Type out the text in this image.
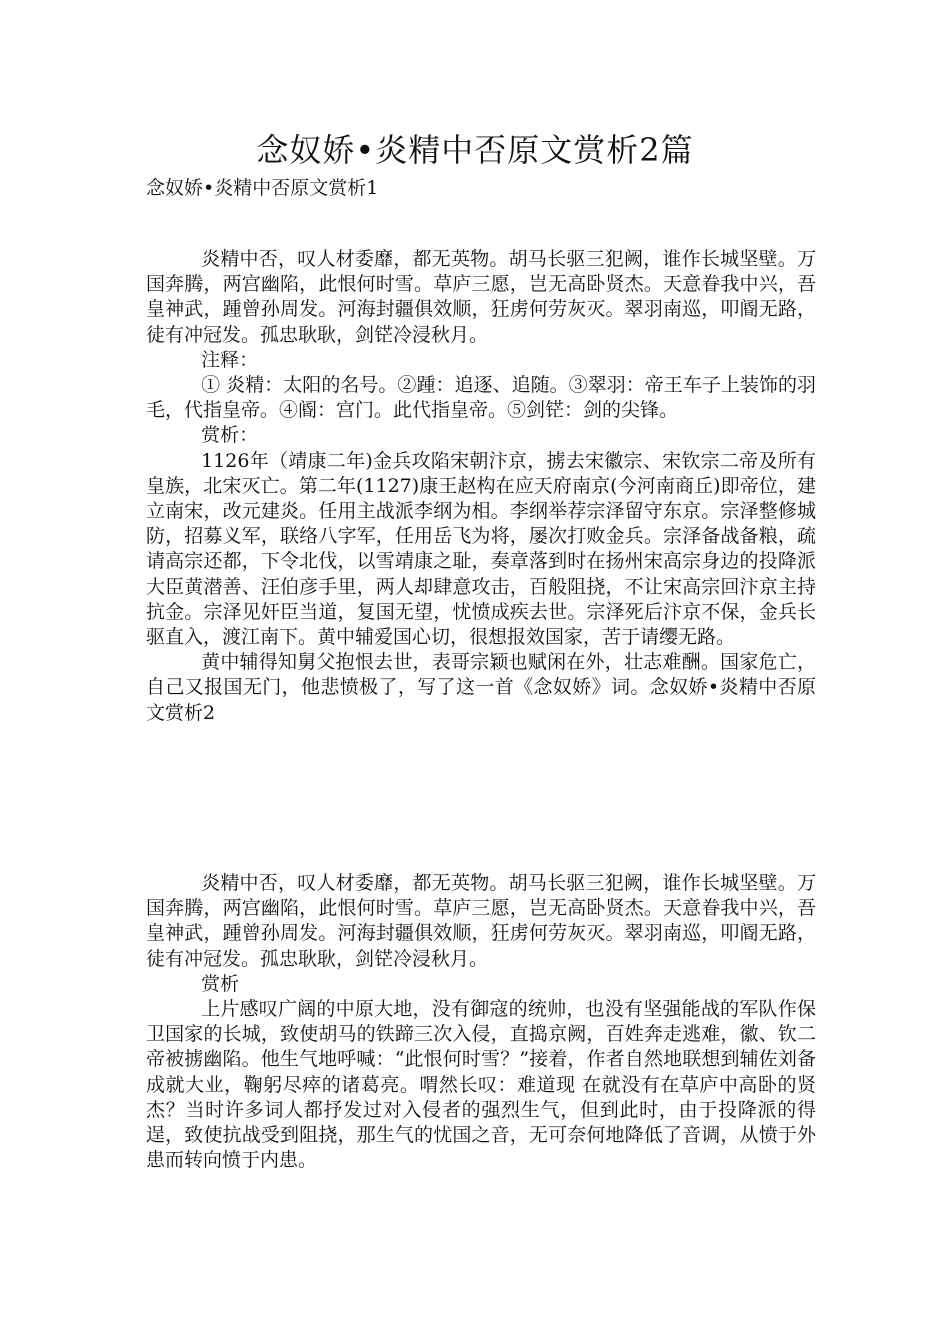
念奴娇•炎精中否原文赏析2篇
念奴娇•炎精中否原文赏析1

炎精中否，叹人材委靡，都无英物。胡马长驱三犯阙，谁作长城坚壁。万国奔腾，两宫幽陷，此恨何时雪。草庐三愿，岂无高卧贤杰。天意眷我中兴，吾皇神武，踵曾孙周发。河海封疆俱效顺，狂虏何劳灰灭。翠羽南巡，叩阍无路，徒有冲冠发。孤忠耿耿，剑铓冷浸秋月。

注释：

① 炎精：太阳的名号。②踵：追逐、追随。③翠羽：帝王车子上装饰的羽毛，代指皇帝。④阍：宫门。此代指皇帝。⑤剑铓：剑的尖锋。

赏析：

1126年（靖康二年)金兵攻陷宋朝汴京，掳去宋徽宗、宋钦宗二帝及所有皇族，北宋灭亡。第二年(1127)康王赵构在应天府南京(今河南商丘)即帝位，建立南宋，改元建炎。任用主战派李纲为相。李纲举荐宗泽留守东京。宗泽整修城防，招募义军，联络八字军，任用岳飞为将，屡次打败金兵。宗泽备战备粮，疏请高宗还都，下令北伐，以雪靖康之耻，奏章落到时在扬州宋高宗身边的投降派大臣黄潜善、汪伯彦手里，两人却肆意攻击，百般阻挠，不让宋高宗回汴京主持抗金。宗泽见奸臣当道，复国无望，忧愤成疾去世。宗泽死后汴京不保，金兵长驱直入，渡江南下。黄中辅爱国心切，很想报效国家，苦于请缨无路。

黄中辅得知舅父抱恨去世，表哥宗颖也赋闲在外，壮志难酬。国家危亡，自己又报国无门，他悲愤极了，写了这一首《念奴娇》词。念奴娇•炎精中否原文赏析2

炎精中否，叹人材委靡，都无英物。胡马长驱三犯阙，谁作长城坚壁。万国奔腾，两宫幽陷，此恨何时雪。草庐三愿，岂无高卧贤杰。天意眷我中兴，吾皇神武，踵曾孙周发。河海封疆俱效顺，狂虏何劳灰灭。翠羽南巡，叩阍无路，徒有冲冠发。孤忠耿耿，剑铓冷浸秋月。

赏析

上片感叹广阔的中原大地，没有御寇的统帅，也没有坚强能战的军队作保卫国家的长城，致使胡马的铁蹄三次入侵，直捣京阙，百姓奔走逃难，徽、钦二帝被掳幽陷。他生气地呼喊：“此恨何时雪？”接着，作者自然地联想到辅佐刘备成就大业，鞠躬尽瘁的诸葛亮。喟然长叹：难道现 在就没有在草庐中高卧的贤杰？当时许多词人都抒发过对入侵者的强烈生气，但到此时，由于投降派的得逞，致使抗战受到阻挠，那生气的忧国之音，无可奈何地降低了音调，从愤于外患而转向愤于内患。
